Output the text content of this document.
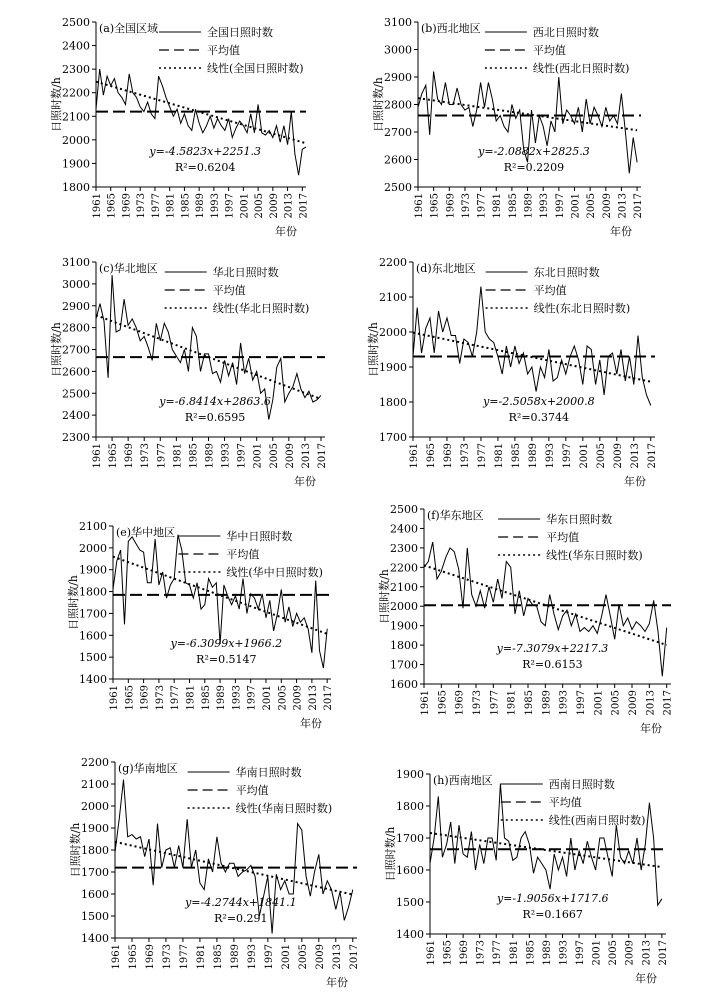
1800
1900
2000
2100
2200
2300
2400
2500
1961 1965 1969 1973 1977 1981 1985 1989 1993 1997 2001 2005 2009 2013 2017
日照时数/h
年份
(a)全国区域	全国日照时数
平均值
线性(全国日照时数)
y=-4.5823x+2251.3
R²=0.6204
2500
2600
2700
2800
2900
3000
3100
1961 1965 1969 1973 1977 1981 1985 1989 1993 1997 2001 2005 2009 2013 2017
日照时数/h
年份
(b)西北地区	西北日照时数
平均值
线性(西北日照时数)
y=-2.0882x+2825.3
R²=0.2209
2300
2400
2500
2600
2700
2800
2900
3000
3100
1961 1965 1969 1973 1977 1981 1985 1989 1993 1997 2001 2005 2009 2013 2017
日照时数/h
年份
(c)华北地区	华北日照时数
平均值
线性(华北日照时数)
y=-6.8414x+2863.6
R²=0.6595
1700
1800
1900
2000
2100
2200
1961 1965 1969 1973 1977 1981 1985 1989 1993 1997 2001 2005 2009 2013 2017
日照时数/h
年份
(d)东北地区	东北日照时数
平均值
线性(东北日照时数)
y=-2.5058x+2000.8
R²=0.3744
1400
1500
1600
1700
1800
1900
2000
2100
1961 1965 1969 1973 1977 1981 1985 1989 1993 1997 2001 2005 2009 2013 2017
日照时数/h
年份
(e)华中地区	华中日照时数
平均值
线性(华中日照时数)
y=-6.3099x+1966.2
R²=0.5147
1600
1700
1800
1900
2000
2100
2200
2300
2400
2500
1961 1965 1969 1973 1977 1981 1985 1989 1993 1997 2001 2005 2009 2013 2017
日照时数/h
年份
(f)华东地区	华东日照时数
平均值
线性(华东日照时数)
y=-7.3079x+2217.3
R²=0.6153
1400
1500
1600
1700
1800
1900
2000
2100
2200
1961 1965 1969 1973 1977 1981 1985 1989 1993 1997 2001 2005 2009 2013 2017
日照时数/h
年份
(g)华南地区	华南日照时数
平均值
线性(华南日照时数)
y=-4.2744x+1841.1
R²=0.291
1400
1500
1600
1700
1800
1900
1961 1965 1969 1973 1977 1981 1985 1989 1993 1997 2001 2005 2009 2013 2017
日照时数/h
年份
(h)西南地区	西南日照时数
平均值
线性(西南日照时数)
y=-1.9056x+1717.6
R²=0.1667
